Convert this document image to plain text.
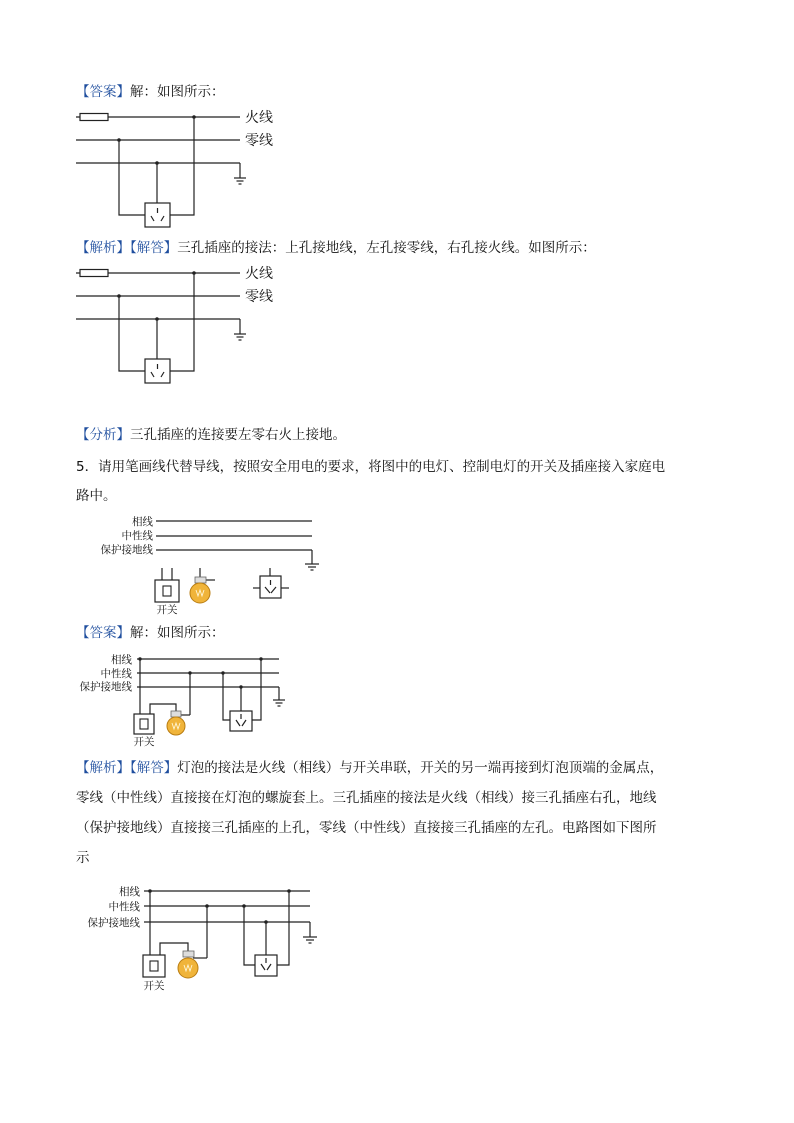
【答案】解：如图所示：
火线
零线
【解析】【解答】三孔插座的接法：上孔接地线，左孔接零线，右孔接火线。如图所示：
火线
零线
【分析】三孔插座的连接要左零右火上接地。
5．请用笔画线代替导线，按照安全用电的要求，将图中的电灯、控制电灯的开关及插座接入家庭电
路中。
相线
中性线
保护接地线
开关
【答案】解：如图所示：
相线
中性线
保护接地线
开关
【解析】【解答】灯泡的接法是火线（相线）与开关串联，开关的另一端再接到灯泡顶端的金属点，
零线（中性线）直接接在灯泡的螺旋套上。三孔插座的接法是火线（相线）接三孔插座右孔，地线
（保护接地线）直接接三孔插座的上孔，零线（中性线）直接接三孔插座的左孔。电路图如下图所
示
相线
中性线
保护接地线
开关
